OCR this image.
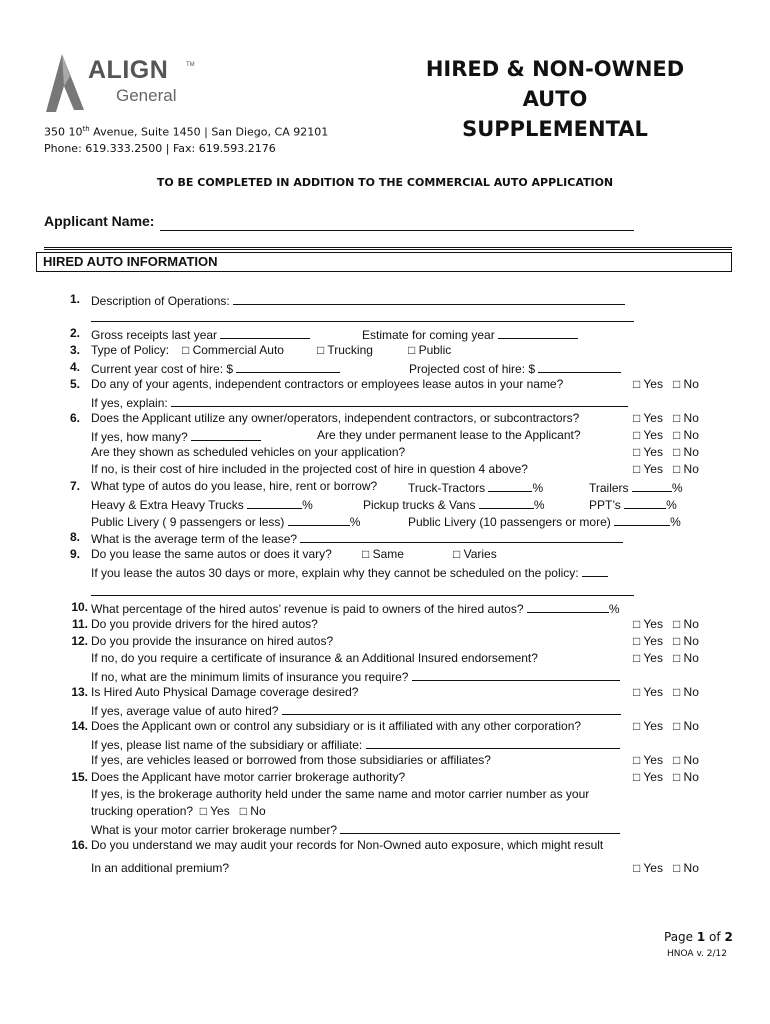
ALIGN	TM
General
HIRED & NON-OWNED AUTO
SUPPLEMENTAL
350 10th Avenue, Suite 1450 | San Diego, CA 92101
Phone: 619.333.2500 | Fax: 619.593.2176
TO BE COMPLETED IN ADDITION TO THE COMMERCIAL AUTO APPLICATION
Applicant Name:
HIRED AUTO INFORMATION
1. Description of Operations:
2. Gross receipts last year	Estimate for coming year
3. Type of Policy: □ Commercial Auto	□ Trucking	□ Public
4. Current year cost of hire: $	Projected cost of hire: $
5. Do any of your agents, independent contractors or employees lease autos in your name?	□ Yes □ No
If yes, explain:
6. Does the Applicant utilize any owner/operators, independent contractors, or subcontractors?	□ Yes □ No
If yes, how many?	Are they under permanent lease to the Applicant?	□ Yes □ No
Are they shown as scheduled vehicles on your application?	□ Yes □ No
If no, is their cost of hire included in the projected cost of hire in question 4 above?	□ Yes □ No
7. What type of autos do you lease, hire, rent or borrow?	Truck-Tractors	%	Trailers	%
Heavy & Extra Heavy Trucks	%	Pickup trucks & Vans	%	PPT’s	%
Public Livery ( 9 passengers or less)	%	Public Livery (10 passengers or more)	%
8. What is the average term of the lease?
9. Do you lease the same autos or does it vary?	□ Same	□ Varies
If you lease the autos 30 days or more, explain why they cannot be scheduled on the policy:
10. What percentage of the hired autos’ revenue is paid to owners of the hired autos?	%
11. Do you provide drivers for the hired autos?	□ Yes □ No
12. Do you provide the insurance on hired autos?	□ Yes □ No
If no, do you require a certificate of insurance & an Additional Insured endorsement?	□ Yes □ No
If no, what are the minimum limits of insurance you require?
13. Is Hired Auto Physical Damage coverage desired?	□ Yes □ No
If yes, average value of auto hired?
14. Does the Applicant own or control any subsidiary or is it affiliated with any other corporation?	□ Yes □ No
If yes, please list name of the subsidiary or affiliate:
If yes, are vehicles leased or borrowed from those subsidiaries or affiliates?	□ Yes □ No
15. Does the Applicant have motor carrier brokerage authority?	□ Yes □ No
If yes, is the brokerage authority held under the same name and motor carrier number as your
trucking operation? □ Yes □ No
What is your motor carrier brokerage number?
16. Do you understand we may audit your records for Non-Owned auto exposure, which might result
In an additional premium?	□ Yes □ No
Page 1 of 2
HNOA v. 2/12
